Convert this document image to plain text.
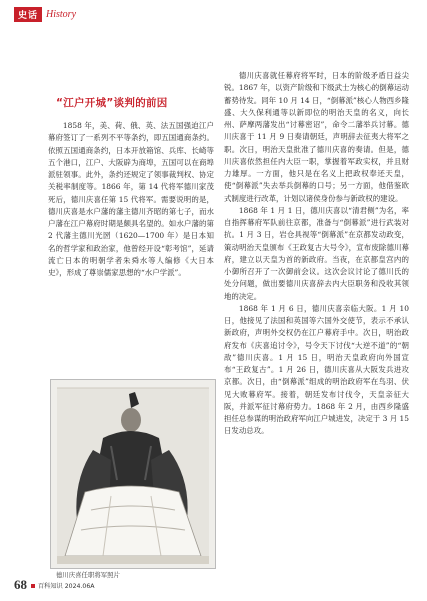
史话 History
“江户开城”谈判的前因

1858 年，美、荷、俄、英、法五国强迫江户幕府签订了一系列不平等条约，即五国通商条约。依照五国通商条约，日本开放箱馆、兵库、长崎等五个港口，江户、大阪辟为商埠，五国可以在商埠派驻领事。此外，条约还规定了领事裁判权、协定关税率制度等。1866 年，第 14 代将军德川家茂死后，德川庆喜任第 15 代将军。需要说明的是，德川庆喜是水户藩的藩主德川齐昭的第七子，而水户藩在江户幕府时期是颇具名望的。如水户藩的第 2 代藩主德川光圀（1620—1700 年）是日本知名的哲学家和政治家，他曾经开设“彰考馆”，延请流亡日本的明朝学者朱舜水等人编修《大日本史》，形成了尊崇儒家思想的“水户学派”。

德川庆喜任职将军照片

德川庆喜就任幕府将军时，日本的阶级矛盾日益尖锐。1867 年，以资产阶级和下级武士为核心的倒幕运动蓄势待发。同年 10 月 14 日，“倒幕派”核心人物西乡隆盛、大久保利通等以新即位的明治天皇的名义，向长州、萨摩两藩发出“讨幕密诏”，命令二藩举兵讨幕。德川庆喜于 11 月 9 日奏请朝廷，声明辞去征夷大将军之职。次日，明治天皇批准了德川庆喜的奏请。但是，德川庆喜依然担任内大臣一职，掌握着军政实权，并且财力雄厚。一方面，他只是在名义上把政权奉还天皇，使“倒幕派”失去举兵倒幕的口号；另一方面，他借鉴欧式制度进行改革，计划以诸侯身份参与新政权的建设。

1868 年 1 月 1 日，德川庆喜以“清君侧”为名，率自指挥幕府军队前往京都，准备与“倒幕派”进行武装对抗。1 月 3 日，岩仓具视等“倒幕派”在京都发动政变，策动明治天皇颁布《王政复古大号令》，宣布废除德川幕府，建立以天皇为首的新政府。当夜，在京都皇宫内的小御所召开了一次御前会议。这次会议讨论了德川氏的处分问题，做出要德川庆喜辞去内大臣职务和没收其领地的决定。

1868 年 1 月 6 日，德川庆喜亲临大阪。1 月 10 日，他接见了法国和英国等六国外交使节，表示不承认新政府，声明外交权仍在江户幕府手中。次日，明治政府发布《庆喜追讨令》，号令天下讨伐“大逆不道”的“朝敌”德川庆喜。1 月 15 日，明治天皇政府向外国宣布“王政复古”。1 月 26 日，德川庆喜从大阪发兵进攻京都。次日，由“倒幕派”组成的明治政府军在鸟羽、伏见大败幕府军。接着，朝廷发布讨伐令，天皇亲征大阪，并派军征讨幕府势力。1868 年 2 月，由西乡隆盛担任总参谋的明治政府军向江户城进发，决定于 3 月 15 日发动总攻。

68	百科知识 2024.06A
